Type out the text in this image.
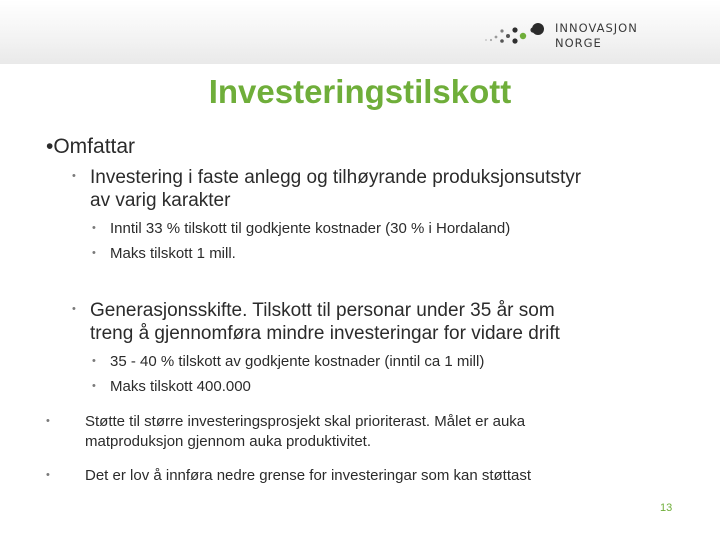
INNOVASJON
NORGE
Investeringstilskott
•Omfattar
• Investering i faste anlegg og tilhøyrande produksjonsutstyr
av varig karakter
• Inntil 33 % tilskott til godkjente kostnader (30 % i Hordaland)
• Maks tilskott 1 mill.
• Generasjonsskifte. Tilskott til personar under 35 år som
treng å gjennomføra mindre investeringar for vidare drift
• 35 - 40 % tilskott av godkjente kostnader (inntil ca 1 mill)
• Maks tilskott 400.000
• Støtte til større investeringsprosjekt skal prioriterast. Målet er auka
matproduksjon gjennom auka produktivitet.
• Det er lov å innføra nedre grense for investeringar som kan støttast
13
